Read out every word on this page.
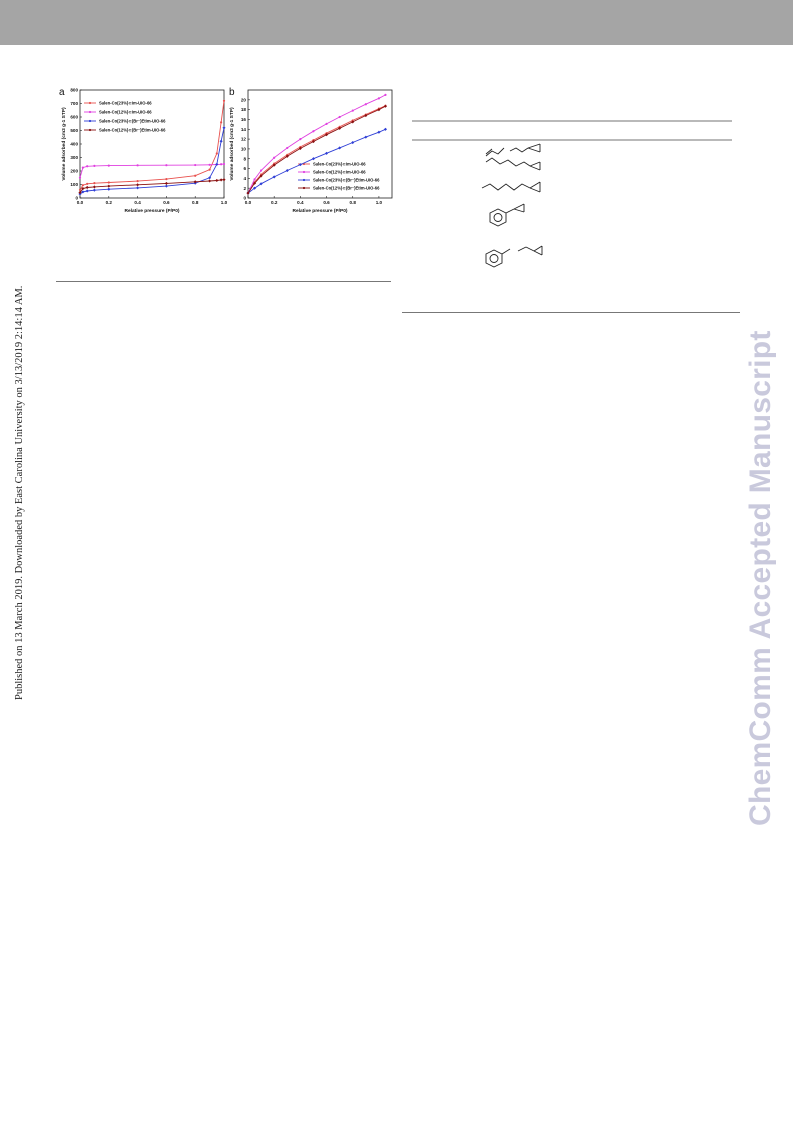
Published on 13 March 2019. Downloaded by East Carolina University on 3/13/2019 2:14:14 AM.	ChemComm Accepted Manuscript
0.0	0.2	0.4	0.6	0.8	1.0
0
100
200
300
400
500
600
700
800
Relative pressure (P/P0)
Volume adsorbed (cm3 g-1 STP)
a
Salen-Co(23%)⊂Im-UiO-66
Salen-Co(12%)⊂Im-UiO-66
Salen-Co(23%)⊂(Br⁻)EtIm-UiO-66
Salen-Co(12%)⊂(Br⁻)EtIm-UiO-66
0.0	0.2	0.4	0.6	0.8	1.0
0
2
4
6
8
10
12
14
16
18
20
Relative pressure (P/P0)
Volume adsorbed (cm3 g-1 STP)
b
Salen-Co(23%)⊂Im-UiO-66
Salen-Co(12%)⊂Im-UiO-66
Salen-Co(23%)⊂(Br⁻)EtIm-UiO-66
Salen-Co(12%)⊂(Br⁻)EtIm-UiO-66
